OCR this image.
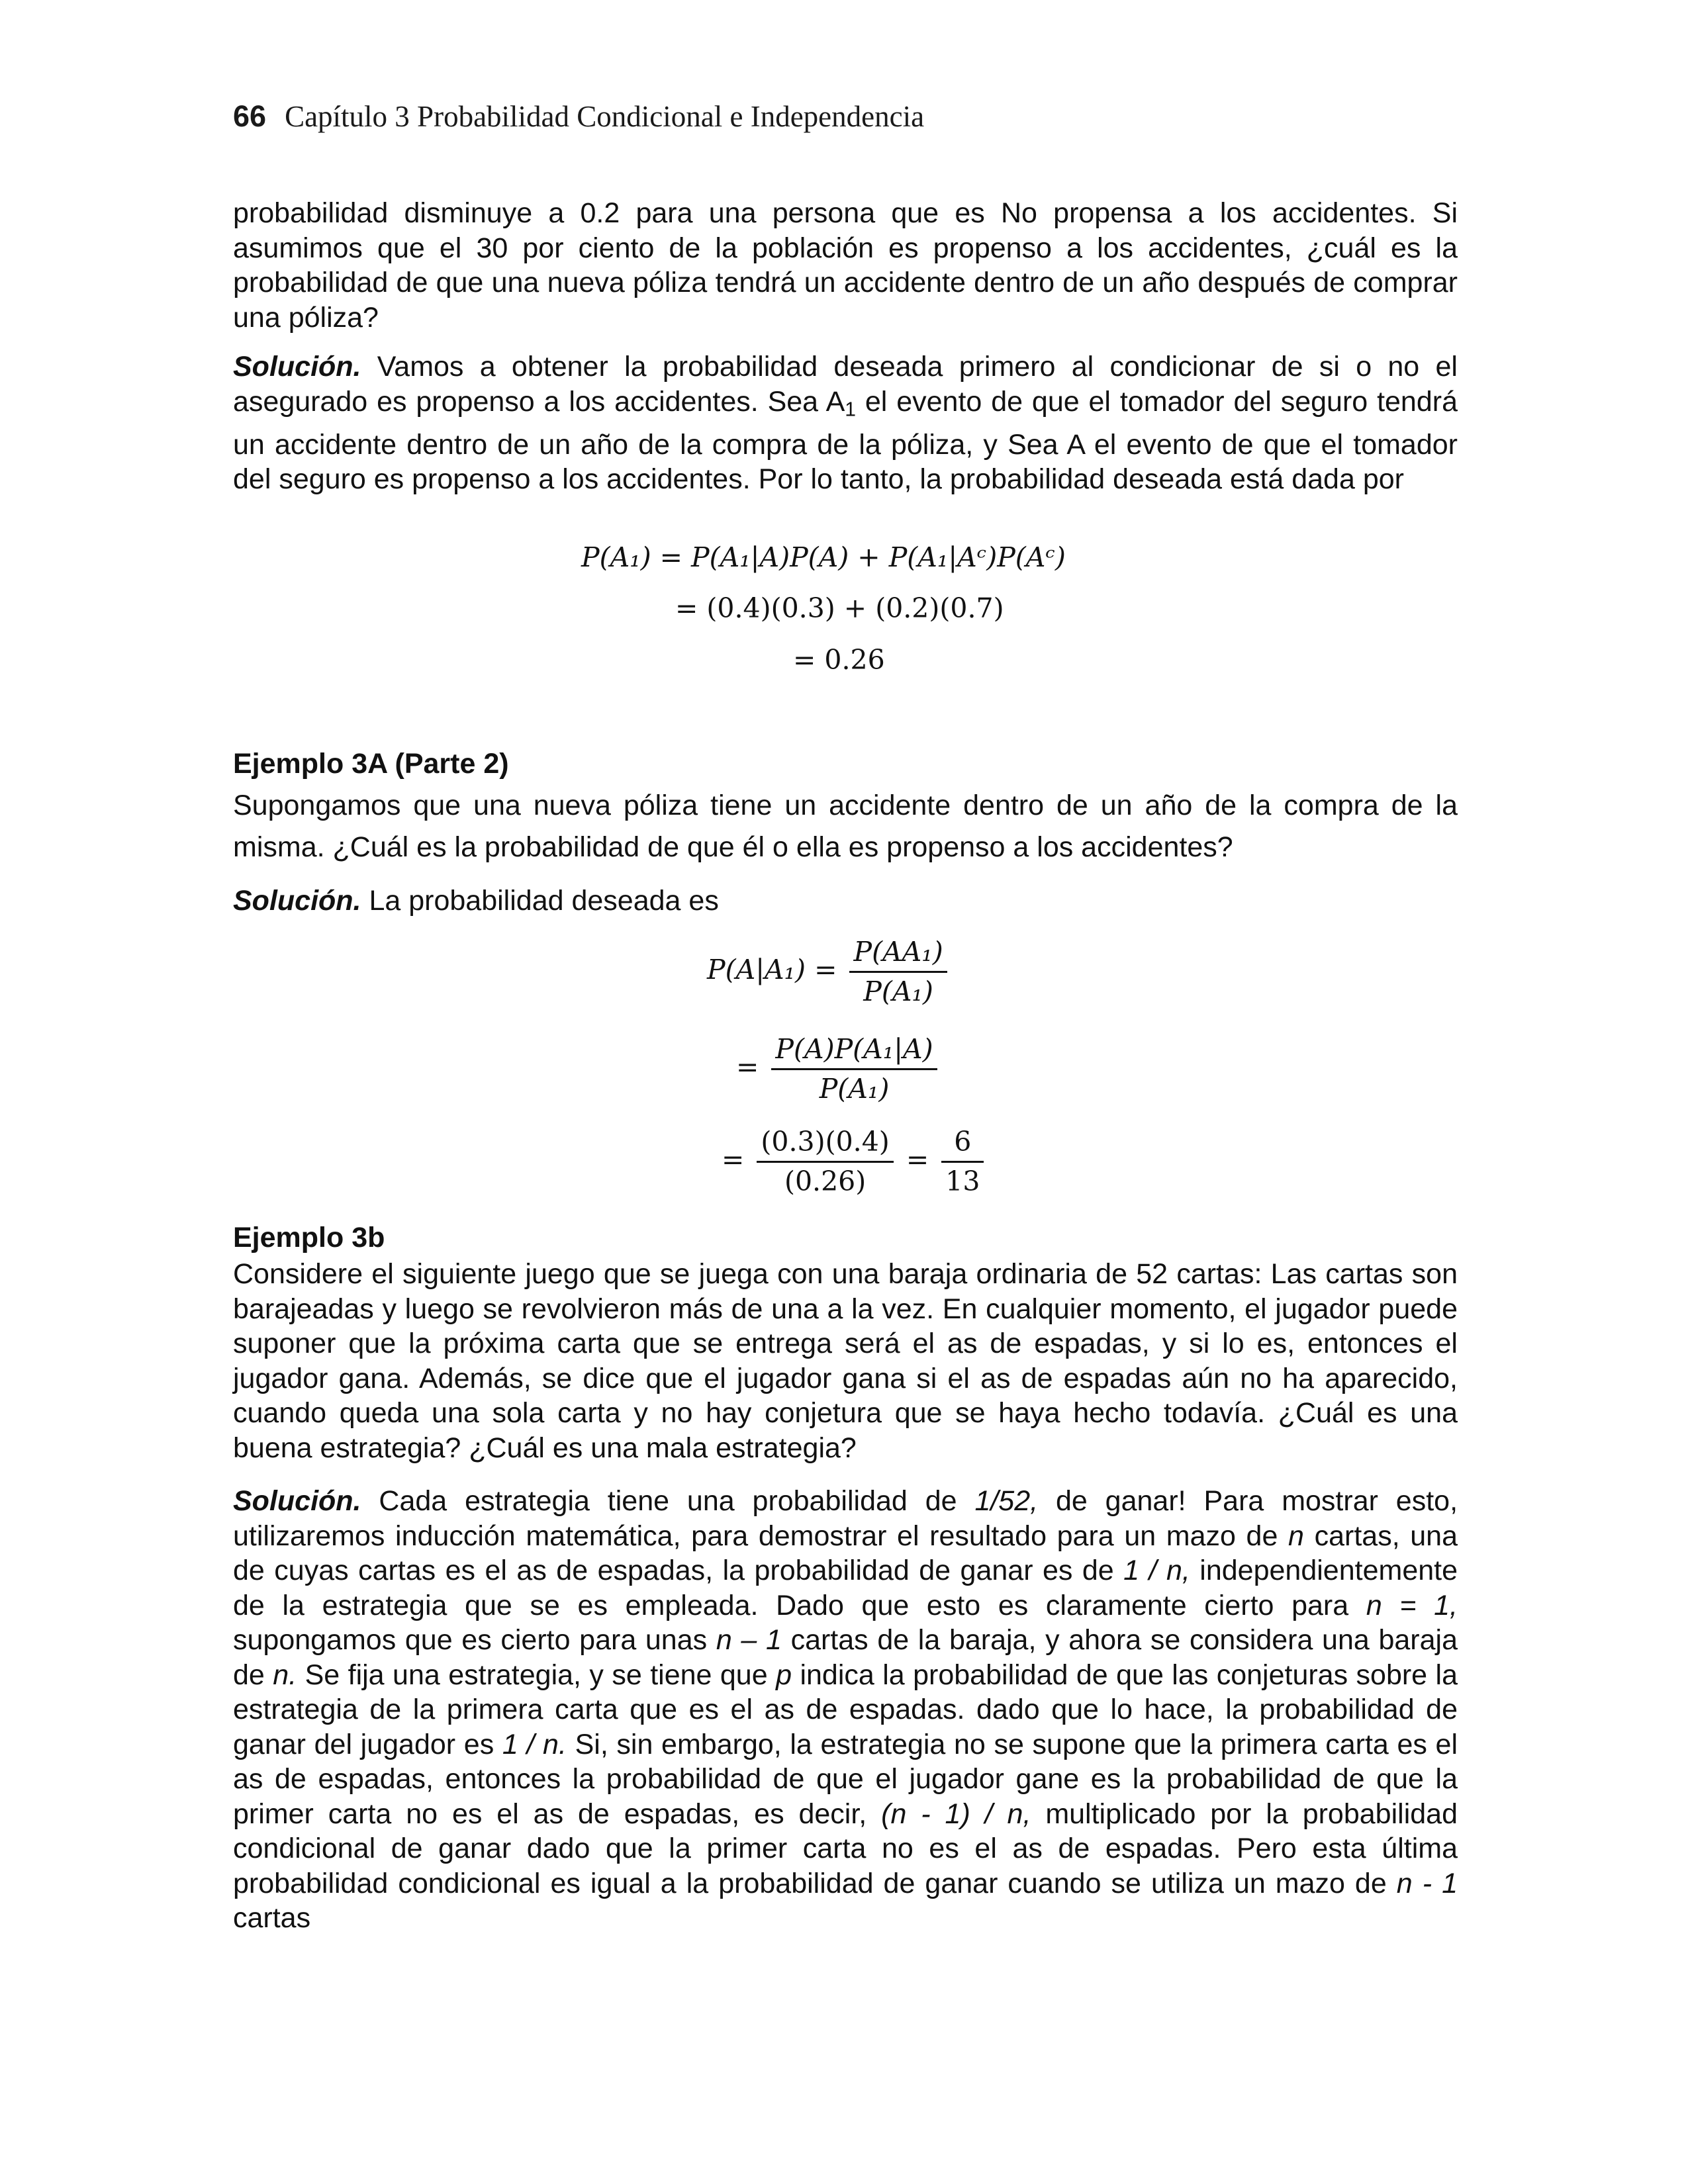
66 Capítulo 3 Probabilidad Condicional e Independencia

probabilidad disminuye a 0.2 para una persona que es No propensa a los accidentes. Si asumimos que el 30 por ciento de la población es propenso a los accidentes, ¿cuál es la probabilidad de que una nueva póliza tendrá un accidente dentro de un año después de comprar una póliza?

Solución. Vamos a obtener la probabilidad deseada primero al condicionar de si o no el asegurado es propenso a los accidentes. Sea $A_1$ el evento de que el tomador del seguro tendrá un accidente dentro de un año de la compra de la póliza, y Sea A el evento de que el tomador del seguro es propenso a los accidentes. Por lo tanto, la probabilidad deseada está dada por

P(A₁) = P(A₁|A)P(A) + P(A₁|Aᶜ)P(Aᶜ)
= (0.4)(0.3) + (0.2)(0.7)
= 0.26
Ejemplo 3A (Parte 2)

Supongamos que una nueva póliza tiene un accidente dentro de un año de la compra de la misma. ¿Cuál es la probabilidad de que él o ella es propenso a los accidentes?

Solución. La probabilidad deseada es

$P(A|A_1) = \frac{\text{P(AA₁)}}{\text{P(A₁)}}$
= $\frac{\text{P(A)P(A₁|A)}}{\text{P(A₁)}}$
= $\frac{(0.3)(0.4)}{(0.26)} = \frac{6}{13}$
Ejemplo 3b

Considere el siguiente juego que se juega con una baraja ordinaria de 52 cartas: Las cartas son barajeadas y luego se revolvieron más de una a la vez. En cualquier momento, el jugador puede suponer que la próxima carta que se entrega será el as de espadas, y si lo es, entonces el jugador gana. Además, se dice que el jugador gana si el as de espadas aún no ha aparecido, cuando queda una sola carta y no hay conjetura que se haya hecho todavía. ¿Cuál es una buena estrategia? ¿Cuál es una mala estrategia?

Solución. Cada estrategia tiene una probabilidad de 1/52, de ganar! Para mostrar esto, utilizaremos inducción matemática, para demostrar el resultado para un mazo de n cartas, una de cuyas cartas es el as de espadas, la probabilidad de ganar es de 1 / n, independientemente de la estrategia que se es empleada. Dado que esto es claramente cierto para n = 1, supongamos que es cierto para unas n – 1 cartas de la baraja, y ahora se considera una baraja de n. Se fija una estrategia, y se tiene que p indica la probabilidad de que las conjeturas sobre la estrategia de la primera carta que es el as de espadas. dado que lo hace, la probabilidad de ganar del jugador es 1 / n. Si, sin embargo, la estrategia no se supone que la primera carta es el as de espadas, entonces la probabilidad de que el jugador gane es la probabilidad de que la primer carta no es el as de espadas, es decir, (n - 1) / n, multiplicado por la probabilidad condicional de ganar dado que la primer carta no es el as de espadas. Pero esta última probabilidad condicional es igual a la probabilidad de ganar cuando se utiliza un mazo de n - 1 cartas
